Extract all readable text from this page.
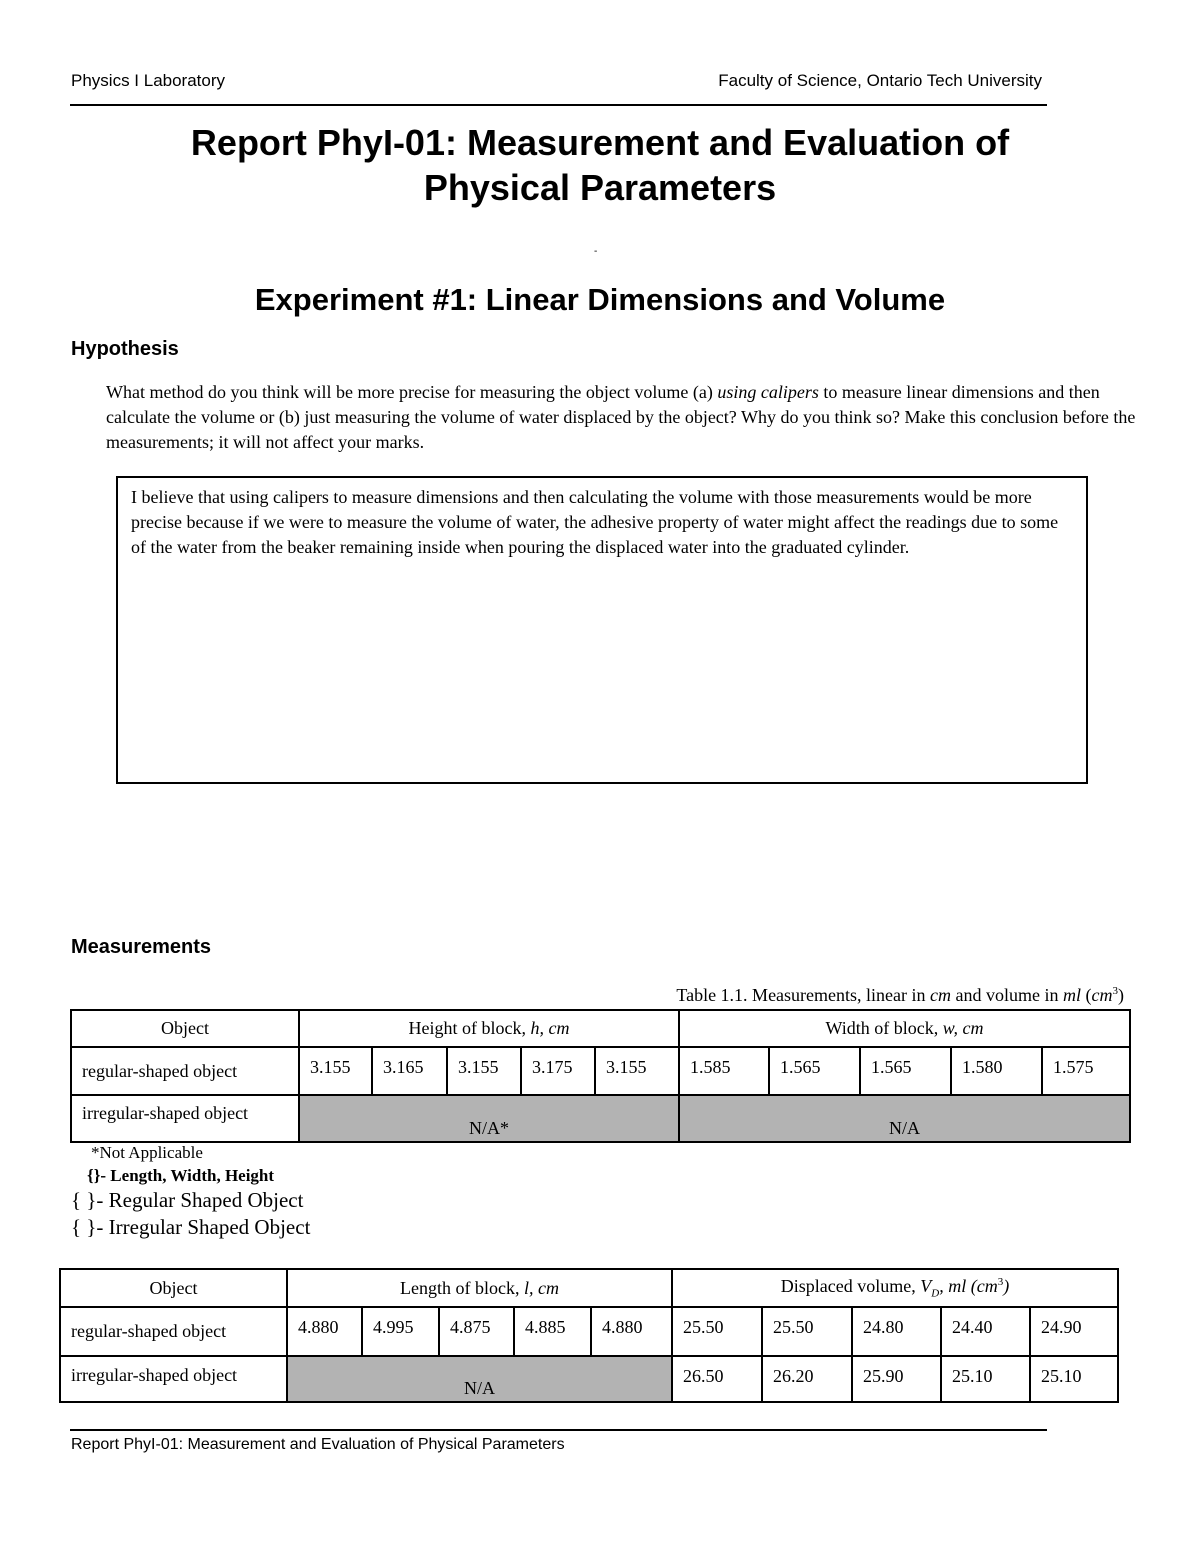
Physics I Laboratory	Faculty of Science, Ontario Tech University
Report PhyI-01: Measurement and Evaluation of
Physical Parameters
-
Experiment #1: Linear Dimensions and Volume
Hypothesis

What method do you think will be more precise for measuring the object volume (a) using calipers to measure linear dimensions and then calculate the volume or (b) just measuring the volume of water displaced by the object? Why do you think so? Make this conclusion before the measurements; it will not affect your marks.

I believe that using calipers to measure dimensions and then calculating the volume with those measurements would be more precise because if we were to measure the volume of water, the adhesive property of water might affect the readings due to some of the water from the beaker remaining inside when pouring the displaced water into the graduated cylinder.
Measurements
Table 1.1. Measurements, linear in cm and volume in ml $(cm^3)$
Object	Height of block, h, cm					Width of block, w, cm				
regular-shaped object	3.155	3.165	3.155	3.175	3.155	1.585	1.565	1.565	1.580	1.575
irregular-shaped object	N/A*					N/A				
*Not Applicable
{}- Length, Width, Height
{ }- Regular Shaped Object
{ }- Irregular Shaped Object
Object	Length of block, l, cm					Displaced volume, $V_D$, ml $(cm^3)$				
regular-shaped object	4.880	4.995	4.875	4.885	4.880	25.50	25.50	24.80	24.40	24.90
irregular-shaped object	N/A					26.50	26.20	25.90	25.10	25.10
Report PhyI-01: Measurement and Evaluation of Physical Parameters
